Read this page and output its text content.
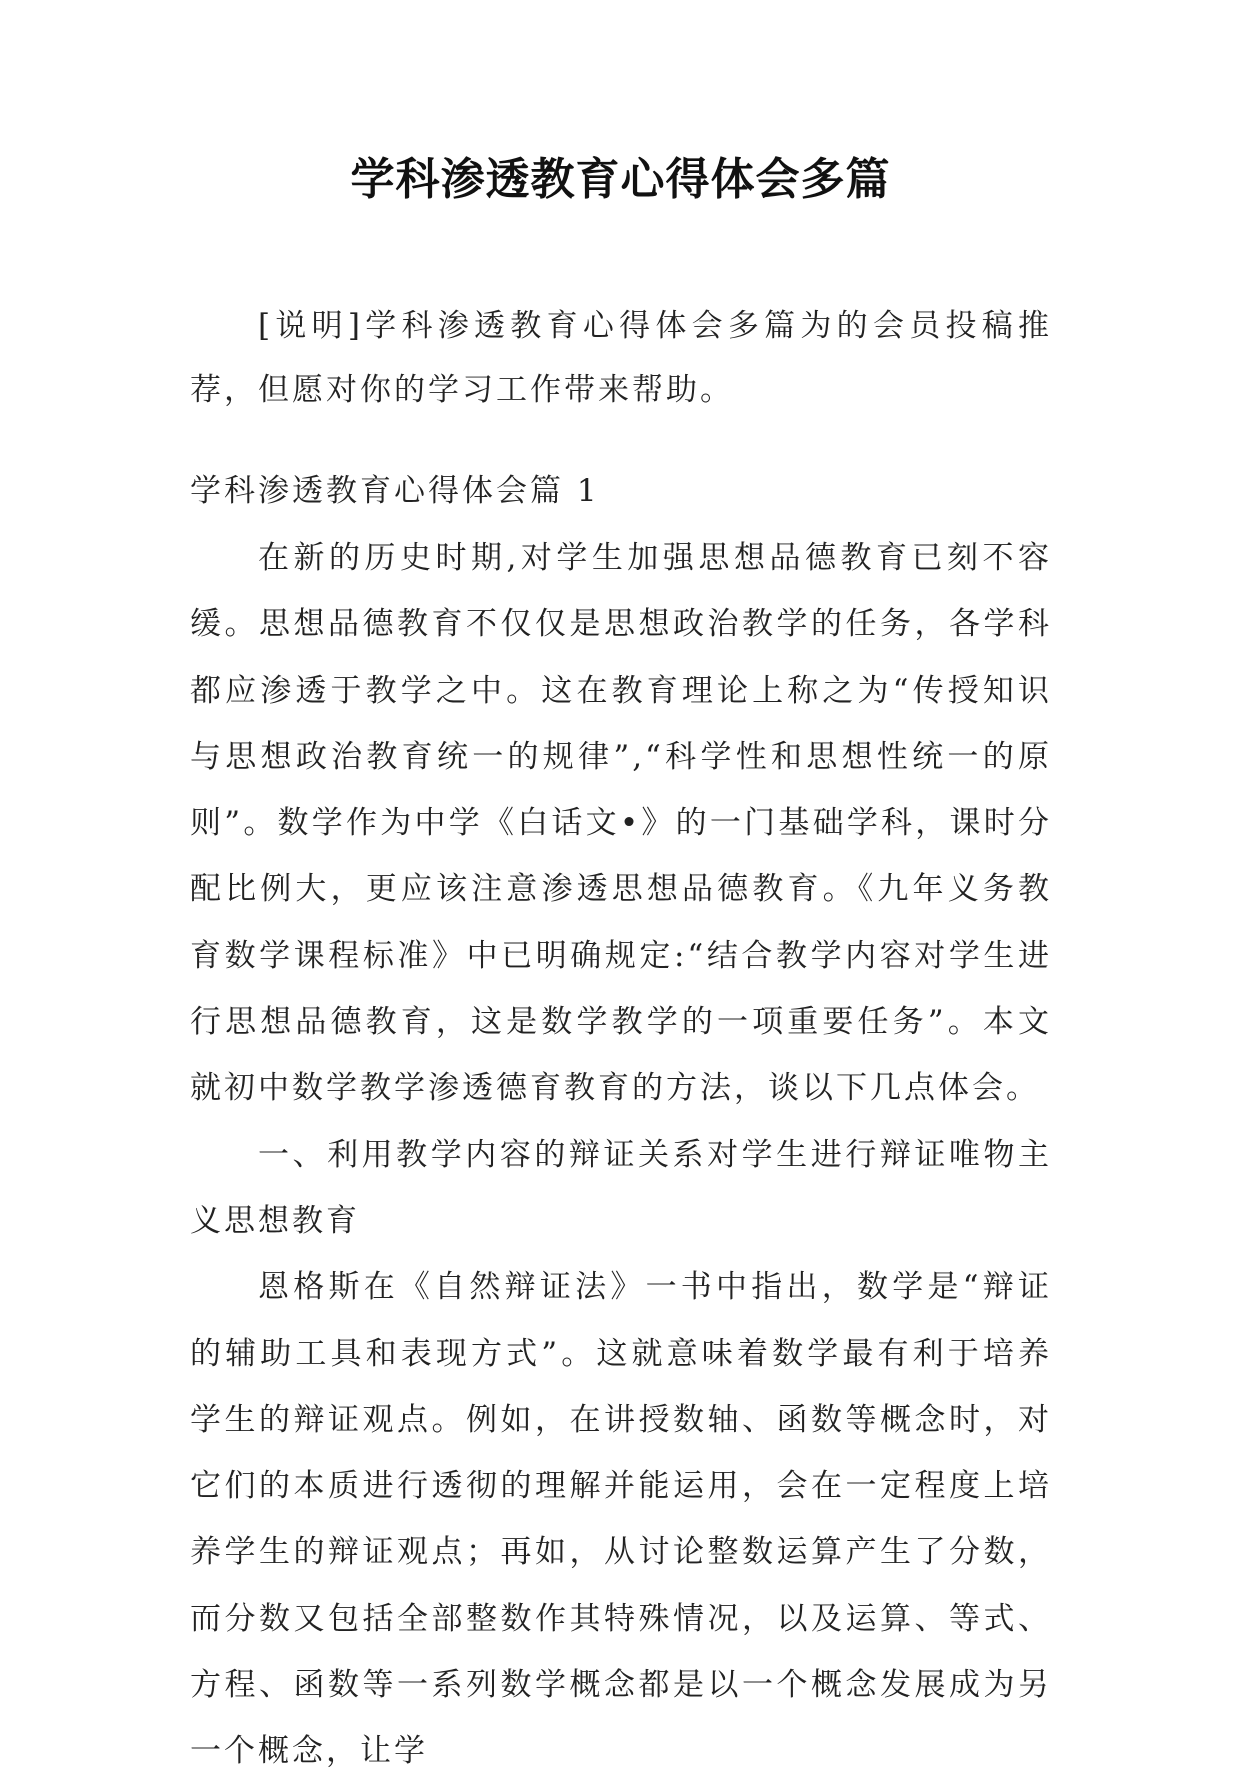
学科渗透教育心得体会多篇

[说明]学科渗透教育心得体会多篇为的会员投稿推荐，但愿对你的学习工作带来帮助。

学科渗透教育心得体会篇 1

在新的历史时期,对学生加强思想品德教育已刻不容缓。思想品德教育不仅仅是思想政治教学的任务，各学科都应渗透于教学之中。这在教育理论上称之为“传授知识与思想政治教育统一的规律”,“科学性和思想性统一的原则”。数学作为中学《白话文•》的一门基础学科，课时分配比例大，更应该注意渗透思想品德教育。《九年义务教育数学课程标准》中已明确规定:“结合教学内容对学生进行思想品德教育，这是数学教学的一项重要任务”。本文就初中数学教学渗透德育教育的方法，谈以下几点体会。

一、利用教学内容的辩证关系对学生进行辩证唯物主义思想教育

恩格斯在《自然辩证法》一书中指出，数学是“辩证的辅助工具和表现方式”。这就意味着数学最有利于培养学生的辩证观点。例如，在讲授数轴、函数等概念时，对它们的本质进行透彻的理解并能运用，会在一定程度上培养学生的辩证观点；再如，从讨论整数运算产生了分数，而分数又包括全部整数作其特殊情况，以及运算、等式、方程、函数等一系列数学概念都是以一个概念发展成为另一个概念，让学
